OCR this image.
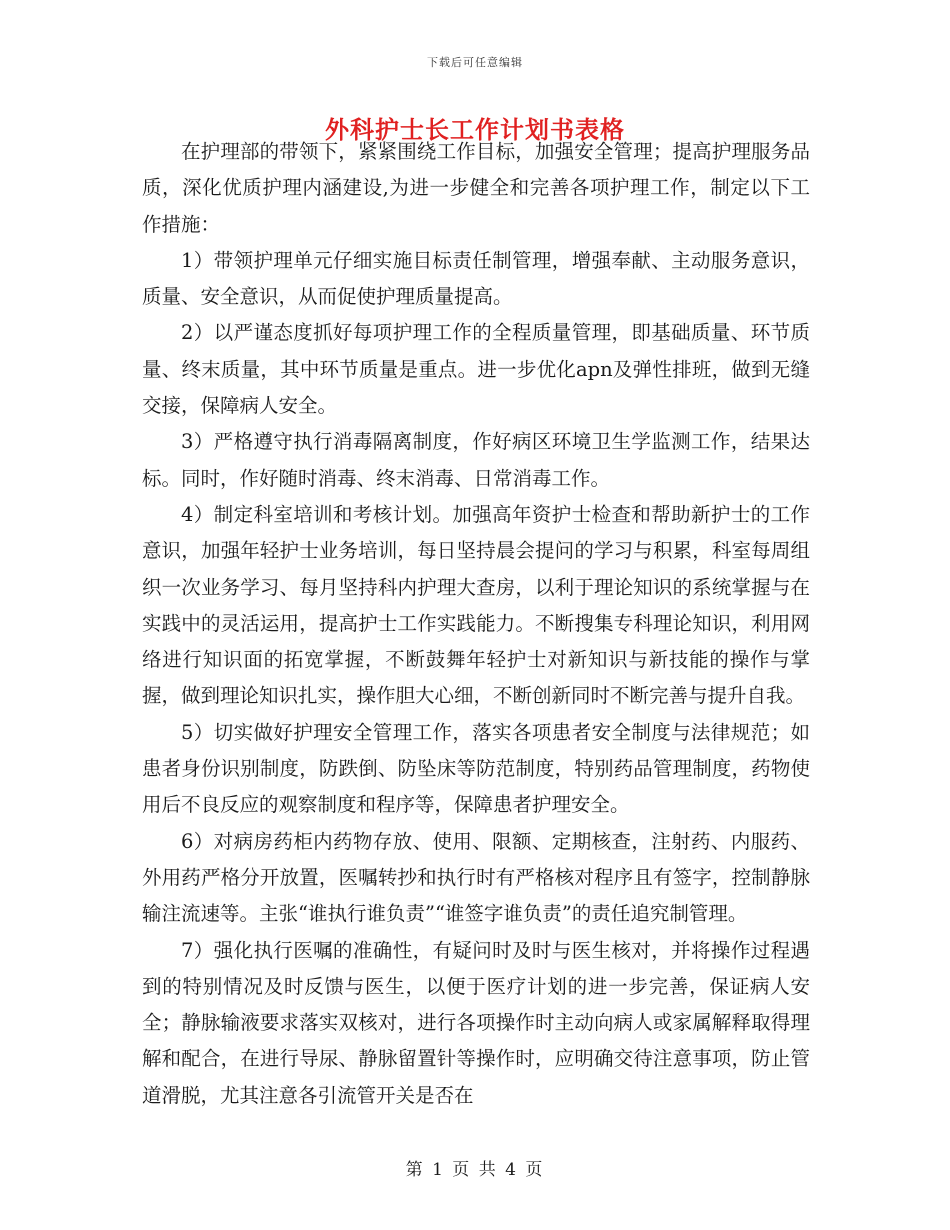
下载后可任意编辑
外科护士长工作计划书表格

在护理部的带领下，紧紧围绕工作目标，加强安全管理；提高护理服务品质，深化优质护理内涵建设,为进一步健全和完善各项护理工作，制定以下工作措施：

1）带领护理单元仔细实施目标责任制管理，增强奉献、主动服务意识，质量、安全意识，从而促使护理质量提高。

2）以严谨态度抓好每项护理工作的全程质量管理，即基础质量、环节质量、终末质量，其中环节质量是重点。进一步优化apn及弹性排班，做到无缝交接，保障病人安全。

3）严格遵守执行消毒隔离制度，作好病区环境卫生学监测工作，结果达标。同时，作好随时消毒、终末消毒、日常消毒工作。

4）制定科室培训和考核计划。加强高年资护士检查和帮助新护士的工作意识，加强年轻护士业务培训，每日坚持晨会提问的学习与积累，科室每周组织一次业务学习、每月坚持科内护理大查房，以利于理论知识的系统掌握与在实践中的灵活运用，提高护士工作实践能力。不断搜集专科理论知识，利用网络进行知识面的拓宽掌握，不断鼓舞年轻护士对新知识与新技能的操作与掌握，做到理论知识扎实，操作胆大心细，不断创新同时不断完善与提升自我。

5）切实做好护理安全管理工作，落实各项患者安全制度与法律规范；如患者身份识别制度，防跌倒、防坠床等防范制度，特别药品管理制度，药物使用后不良反应的观察制度和程序等，保障患者护理安全。

6）对病房药柜内药物存放、使用、限额、定期核查，注射药、内服药、外用药严格分开放置，医嘱转抄和执行时有严格核对程序且有签字，控制静脉输注流速等。主张“谁执行谁负责”“谁签字谁负责”的责任追究制管理。

7）强化执行医嘱的准确性，有疑问时及时与医生核对，并将操作过程遇到的特别情况及时反馈与医生，以便于医疗计划的进一步完善，保证病人安全；静脉输液要求落实双核对，进行各项操作时主动向病人或家属解释取得理解和配合，在进行导尿、静脉留置针等操作时，应明确交待注意事项，防止管道滑脱，尤其注意各引流管开关是否在

第 1 页 共 4 页
